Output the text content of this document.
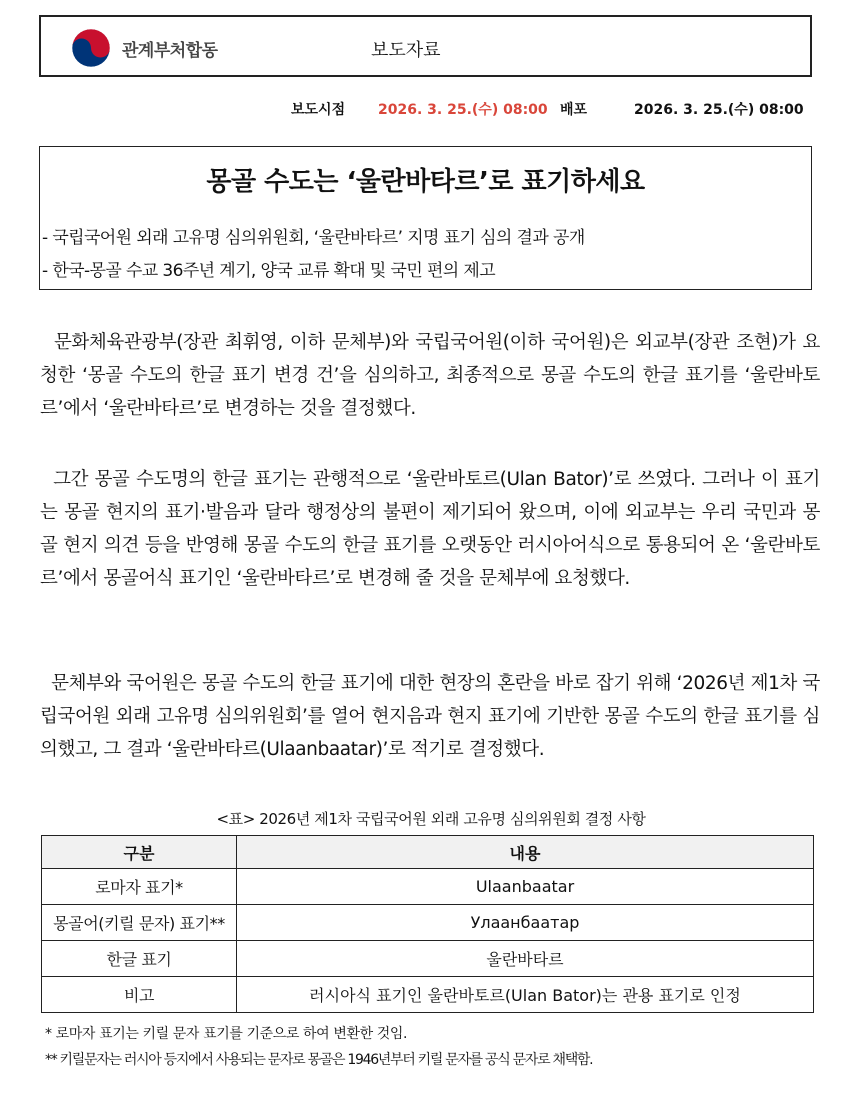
관계부처합동	보도자료
보도시점 2026. 3. 25.(수) 08:00 배포	2026. 3. 25.(수) 08:00
몽골 수도는 ‘울란바타르’로 표기하세요
- 국립국어원 외래 고유명 심의위원회, ‘울란바타르’ 지명 표기 심의 결과 공개
- 한국-몽골 수교 36주년 계기, 양국 교류 확대 및 국민 편의 제고

문화체육관광부(장관 최휘영, 이하 문체부)와 국립국어원(이하 국어원)은 외교부(장관 조현)가 요청한 ‘몽골 수도의 한글 표기 변경 건’을 심의하고, 최종적으로 몽골 수도의 한글 표기를 ‘울란바토르’에서 ‘울란바타르’로 변경하는 것을 결정했다.

그간 몽골 수도명의 한글 표기는 관행적으로 ‘울란바토르(Ulan Bator)’로 쓰였다. 그러나 이 표기는 몽골 현지의 표기·발음과 달라 행정상의 불편이 제기되어 왔으며, 이에 외교부는 우리 국민과 몽골 현지 의견 등을 반영해 몽골 수도의 한글 표기를 오랫동안 러시아어식으로 통용되어 온 ‘울란바토르’에서 몽골어식 표기인 ‘울란바타르’로 변경해 줄 것을 문체부에 요청했다.

문체부와 국어원은 몽골 수도의 한글 표기에 대한 현장의 혼란을 바로 잡기 위해 ‘2026년 제1차 국립국어원 외래 고유명 심의위원회’를 열어 현지음과 현지 표기에 기반한 몽골 수도의 한글 표기를 심의했고, 그 결과 ‘울란바타르(Ulaanbaatar)’로 적기로 결정했다.

<표> 2026년 제1차 국립국어원 외래 고유명 심의위원회 결정 사항
구분	내용
로마자 표기*	Ulaanbaatar
몽골어(키릴 문자) 표기**	Улаанбаатар
한글 표기	울란바타르
비고	러시아식 표기인 울란바토르(Ulan Bator)는 관용 표기로 인정
* 로마자 표기는 키릴 문자 표기를 기준으로 하여 변환한 것임.
** 키릴문자는 러시아 등지에서 사용되는 문자로 몽골은 1946년부터 키릴 문자를 공식 문자로 채택함.
